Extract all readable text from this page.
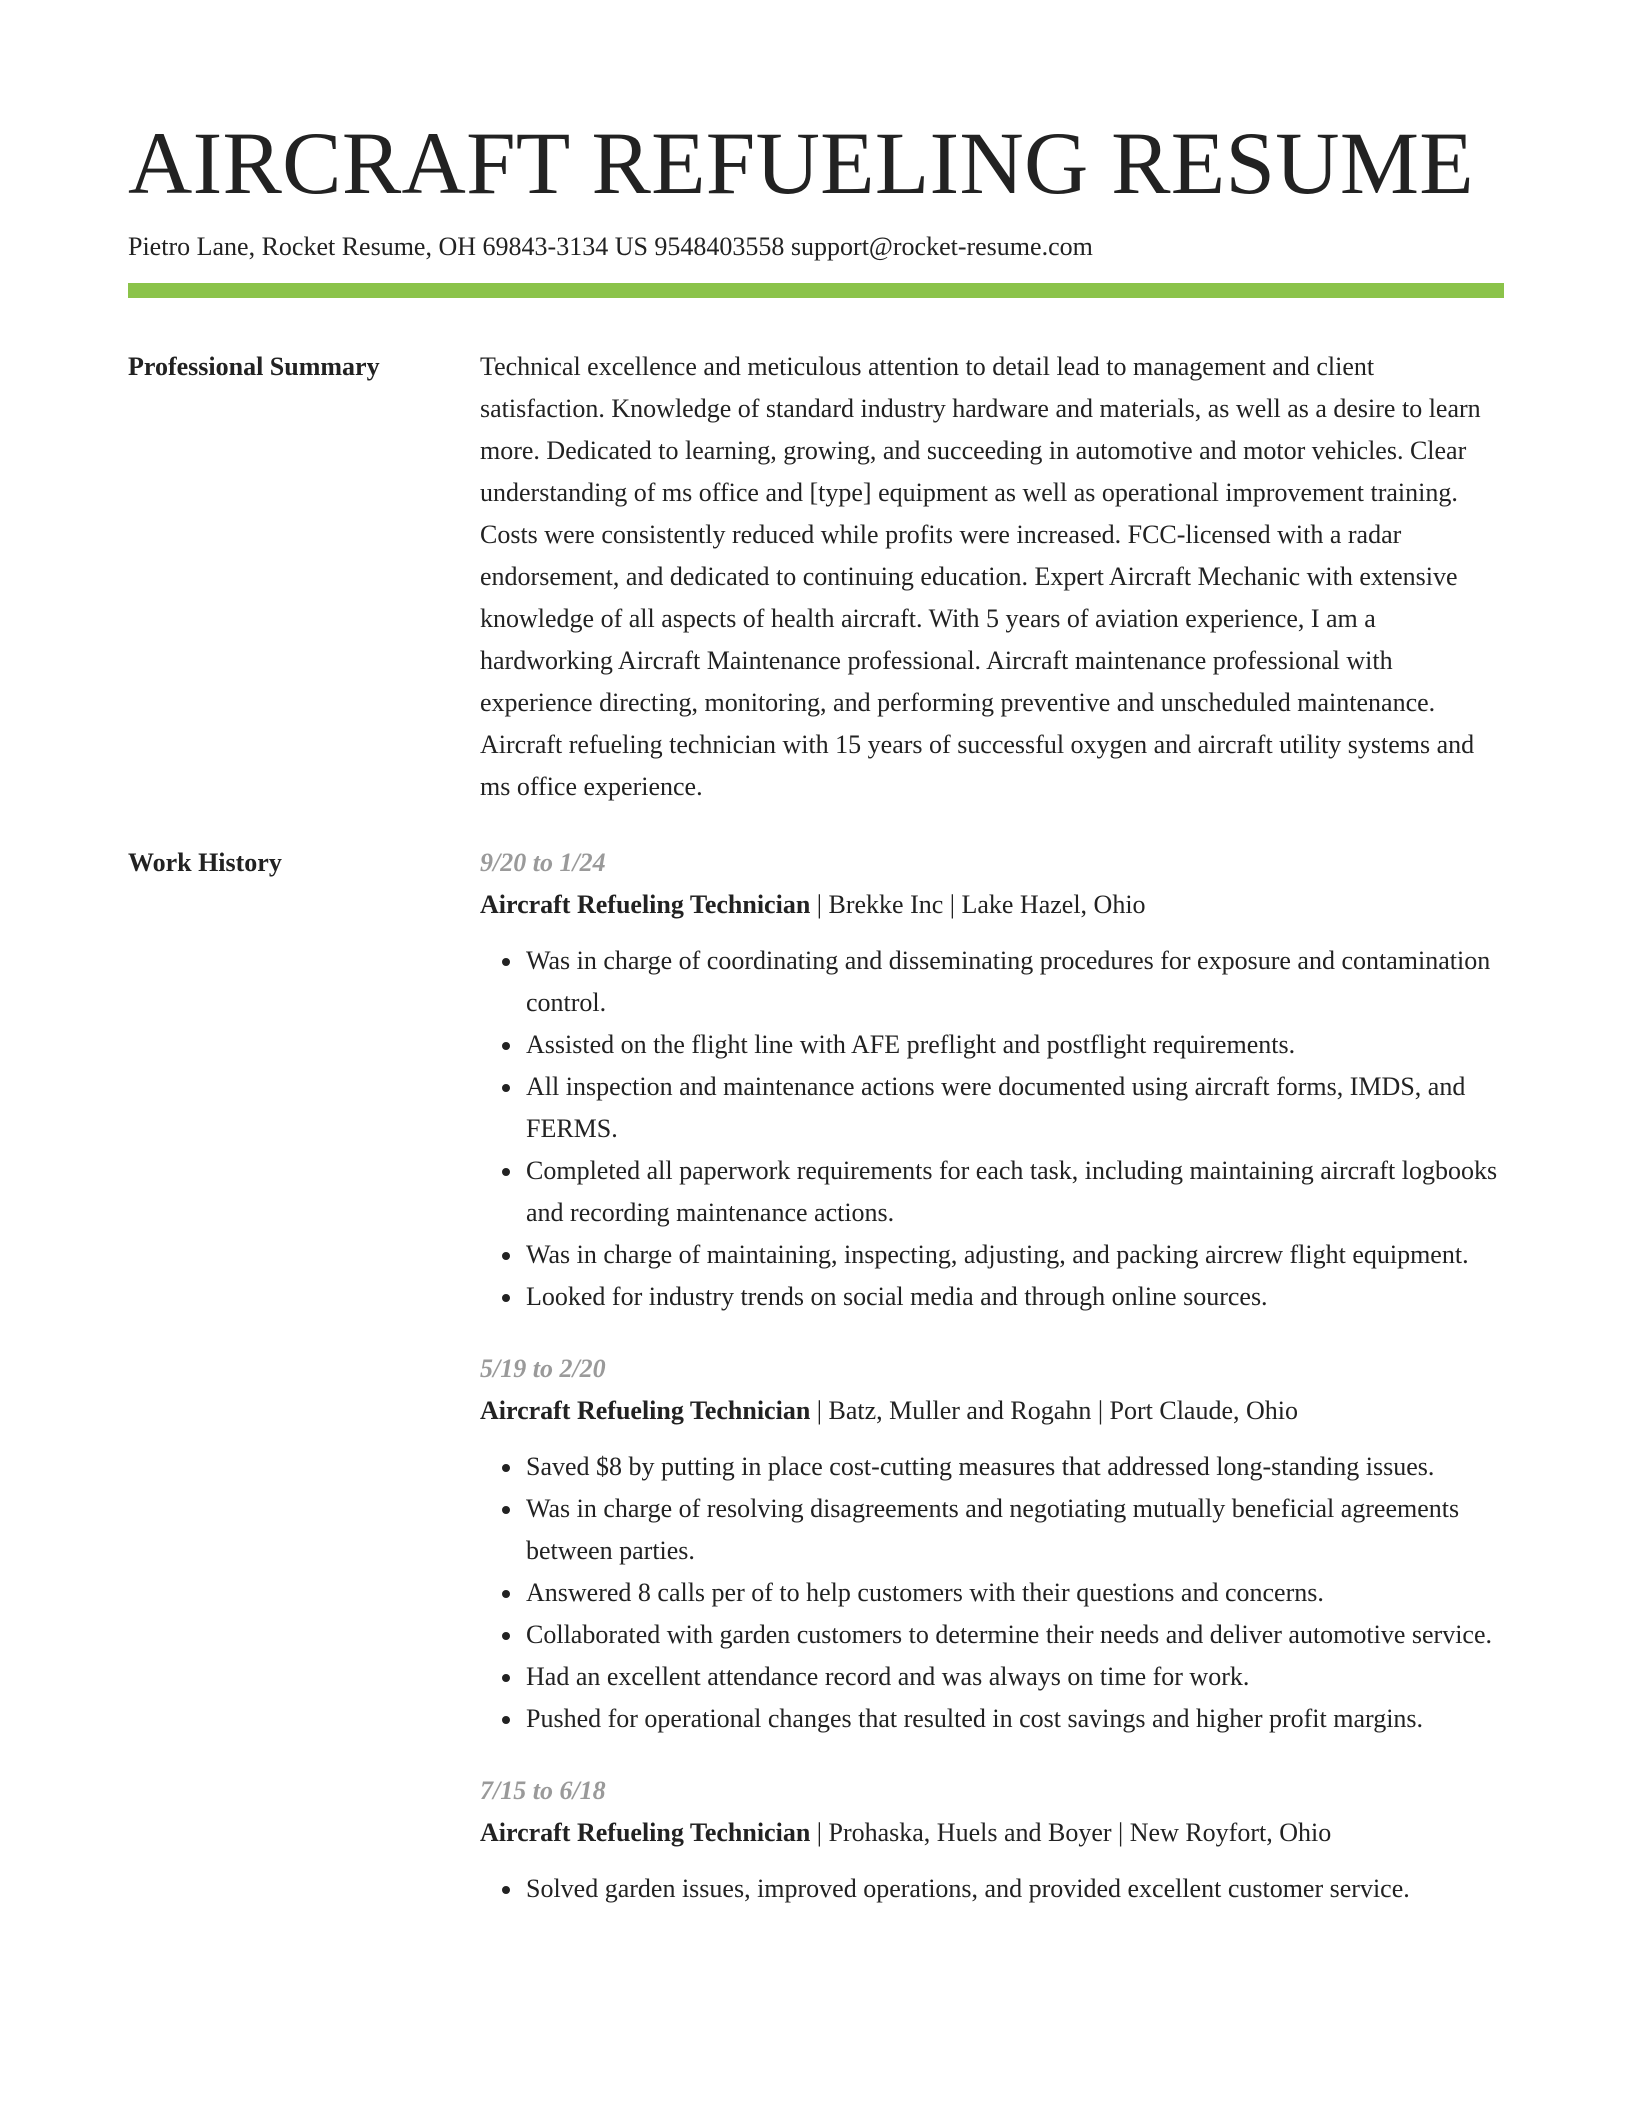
AIRCRAFT REFUELING RESUME
Pietro Lane, Rocket Resume, OH 69843-3134 US 9548403558 support@rocket-resume.com
Professional Summary	Technical excellence and meticulous attention to detail lead to management and client satisfaction. Knowledge of standard industry hardware and materials, as well as a desire to learn more. Dedicated to learning, growing, and succeeding in automotive and motor vehicles. Clear understanding of ms office and [type] equipment as well as operational improvement training. Costs were consistently reduced while profits were increased. FCC-licensed with a radar endorsement, and dedicated to continuing education. Expert Aircraft Mechanic with extensive knowledge of all aspects of health aircraft. With 5 years of aviation experience, I am a hardworking Aircraft Maintenance professional. Aircraft maintenance professional with experience directing, monitoring, and performing preventive and unscheduled maintenance. Aircraft refueling technician with 15 years of successful oxygen and aircraft utility systems and ms office experience.

Work History	9/20 to 1/24
Aircraft Refueling Technician | Brekke Inc | Lake Hazel, Ohio
• Was in charge of coordinating and disseminating procedures for exposure and contamination control.
• Assisted on the flight line with AFE preflight and postflight requirements.
• All inspection and maintenance actions were documented using aircraft forms, IMDS, and FERMS.
• Completed all paperwork requirements for each task, including maintaining aircraft logbooks and recording maintenance actions.
• Was in charge of maintaining, inspecting, adjusting, and packing aircrew flight equipment.
• Looked for industry trends on social media and through online sources.
5/19 to 2/20
Aircraft Refueling Technician | Batz, Muller and Rogahn | Port Claude, Ohio
• Saved $8 by putting in place cost-cutting measures that addressed long-standing issues.
• Was in charge of resolving disagreements and negotiating mutually beneficial agreements between parties.
• Answered 8 calls per of to help customers with their questions and concerns.
• Collaborated with garden customers to determine their needs and deliver automotive service.
• Had an excellent attendance record and was always on time for work.
• Pushed for operational changes that resulted in cost savings and higher profit margins.
7/15 to 6/18
Aircraft Refueling Technician | Prohaska, Huels and Boyer | New Royfort, Ohio
• Solved garden issues, improved operations, and provided excellent customer service.
